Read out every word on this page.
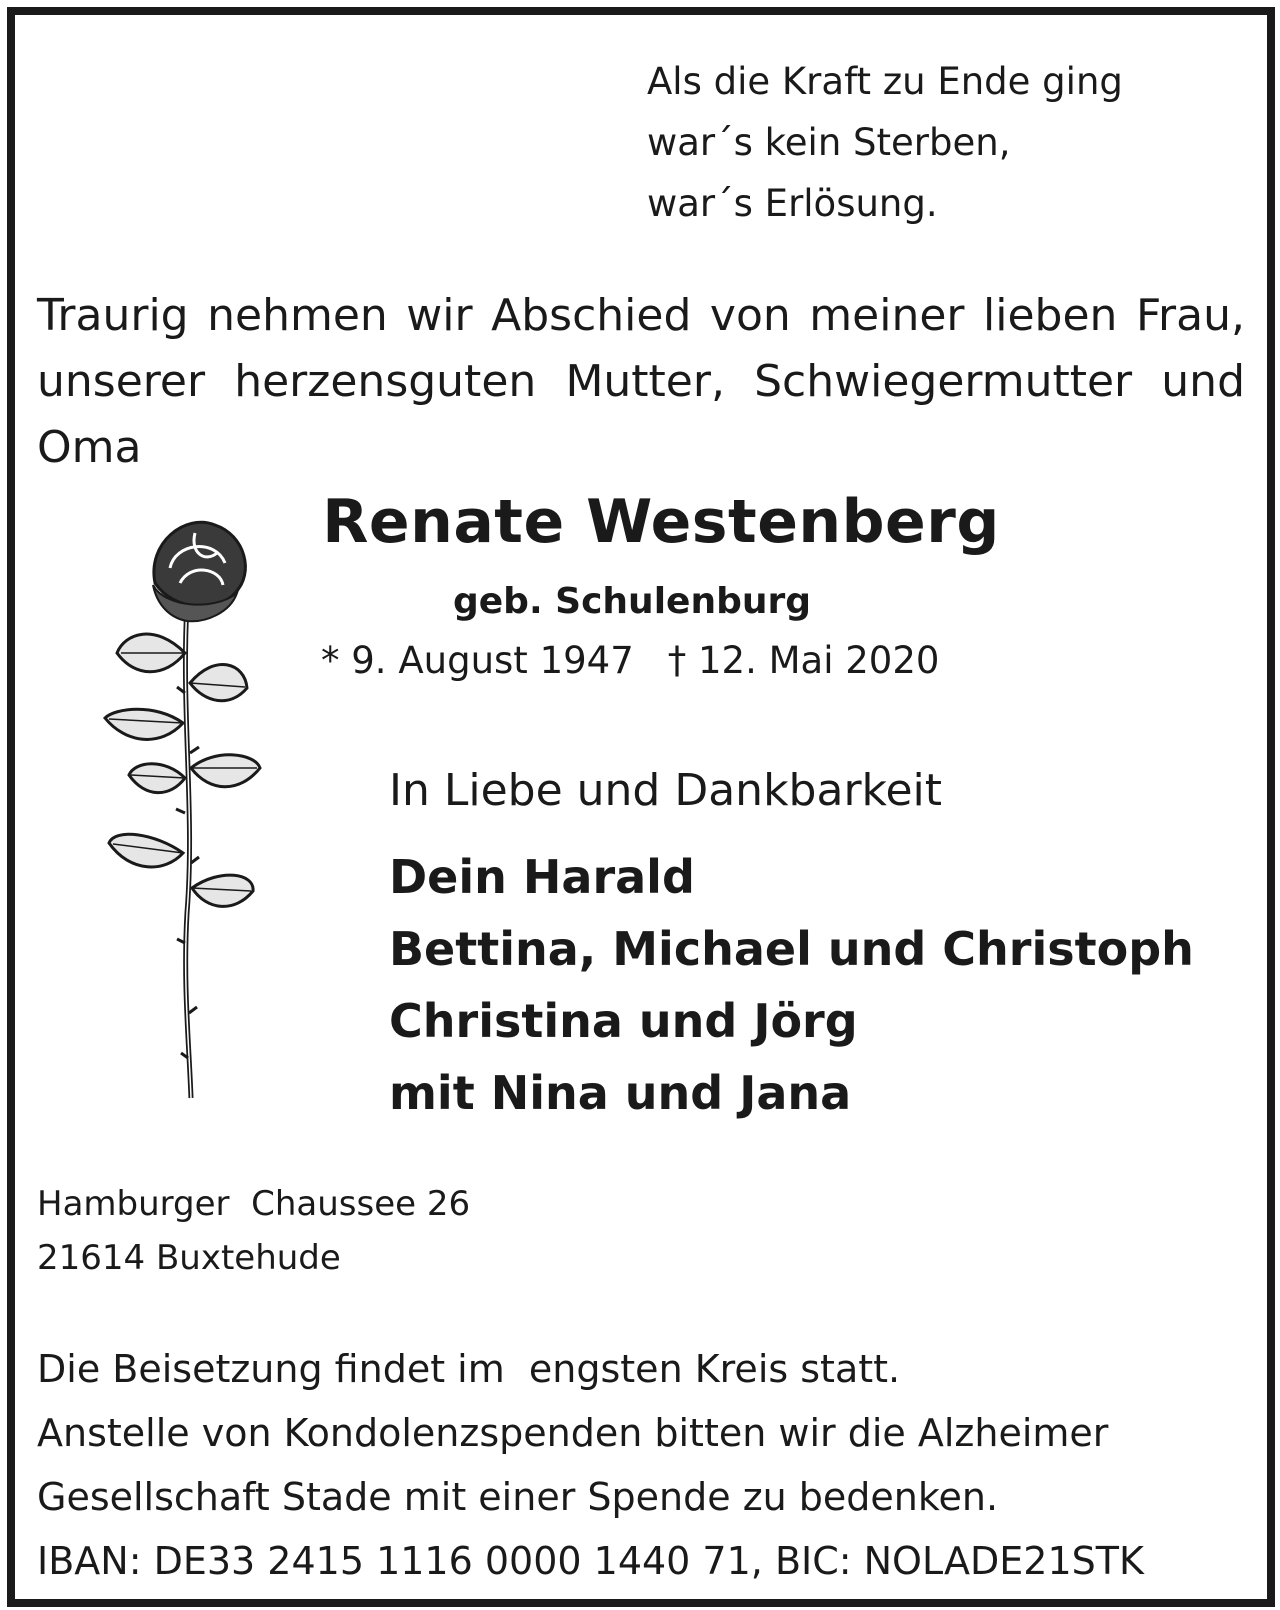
Als die Kraft zu Ende ging
war´s kein Sterben,
war´s Erlösung.
Traurig nehmen wir Abschied von meiner lieben Frau, unserer herzensguten Mutter, Schwiegermutter und Oma
Renate Westenberg
geb. Schulenburg
* 9. August 1947 † 12. Mai 2020
In Liebe und Dankbarkeit
Dein Harald
Bettina, Michael und Christoph
Christina und Jörg
mit Nina und Jana
Hamburger  Chaussee 26
21614 Buxtehude
Die Beisetzung findet im  engsten Kreis statt.
Anstelle von Kondolenzspenden bitten wir die Alzheimer
Gesellschaft Stade mit einer Spende zu bedenken.
IBAN: DE33 2415 1116 0000 1440 71, BIC: NOLADE21STK
